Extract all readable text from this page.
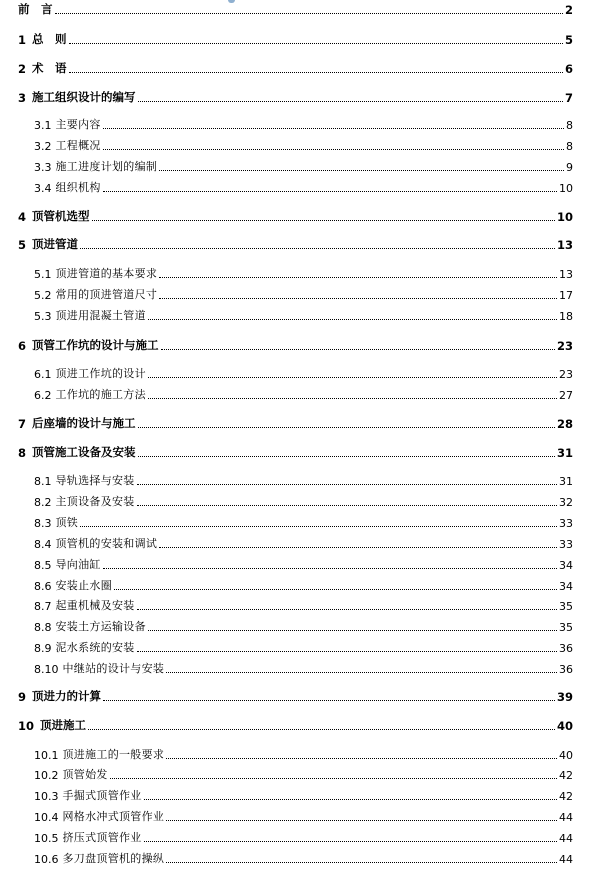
前　言	2
1 总　则	5
2 术　语	6
3 施工组织设计的编写	7
3.1 主要内容	8
3.2 工程概况	8
3.3 施工进度计划的编制	9
3.4 组织机构	10
4 顶管机选型	10
5 顶进管道	13
5.1 顶进管道的基本要求	13
5.2 常用的顶进管道尺寸	17
5.3 顶进用混凝土管道	18
6 顶管工作坑的设计与施工	23
6.1 顶进工作坑的设计	23
6.2 工作坑的施工方法	27
7 后座墙的设计与施工	28
8 顶管施工设备及安装	31
8.1 导轨选择与安装	31
8.2 主顶设备及安装	32
8.3 顶铁	33
8.4 顶管机的安装和调试	33
8.5 导向油缸	34
8.6 安装止水圈	34
8.7 起重机械及安装	35
8.8 安装土方运输设备	35
8.9 泥水系统的安装	36
8.10 中继站的设计与安装	36
9 顶进力的计算	39
10 顶进施工	40
10.1 顶进施工的一般要求	40
10.2 顶管始发	42
10.3 手掘式顶管作业	42
10.4 网格水冲式顶管作业	44
10.5 挤压式顶管作业	44
10.6 多刀盘顶管机的操纵	44
